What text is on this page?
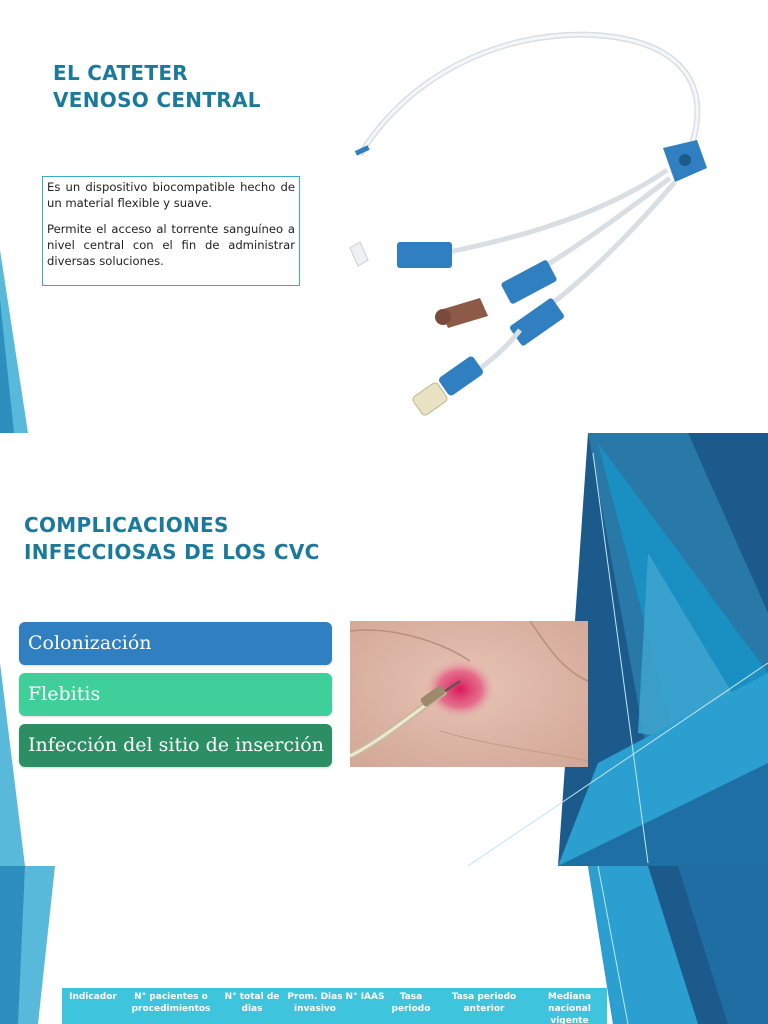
EL CATETER
VENOSO CENTRAL

Es un dispositivo biocompatible hecho de un material flexible y suave.

Permite el acceso al torrente sanguíneo a nivel central con el fin de administrar diversas soluciones.

COMPLICACIONES
INFECCIOSAS DE LOS CVC
Colonización
Flebitis
Infección del sitio de inserción
Indicador	N° pacientes o procedimientos	N° total de dias	Prom. Dias invasivo	N° IAAS	Tasa periodo	Tasa periodo anterior	Mediana nacional vigente
